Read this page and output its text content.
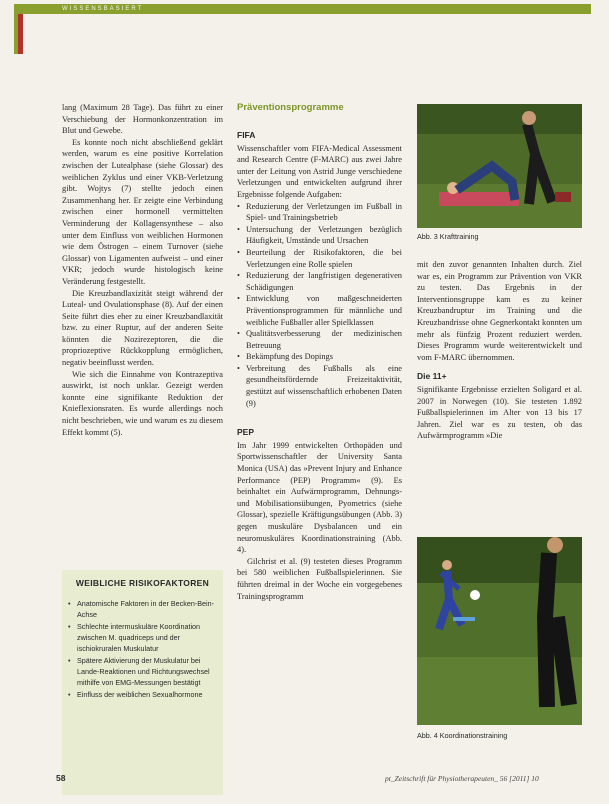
WISSENSBASIERT

lang (Maximum 28 Tage). Das führt zu einer Verschiebung der Hormonkonzentration im Blut und Gewebe.

Es konnte noch nicht abschließend geklärt werden, warum es eine positive Korrelation zwischen der Lutealphase (siehe Glossar) des weiblichen Zyklus und einer VKB-Verletzung gibt. Wojtys (7) stellte jedoch einen Zusammenhang her. Er zeigte eine Verbindung zwischen einer hormonell vermittelten Verminderung der Kollagensynthese – also unter dem Einfluss von weiblichen Hormonen wie dem Östrogen – einem Turnover (siehe Glossar) von Ligamenten aufweist – und einer VKR; jedoch wurde histologisch keine Veränderung festgestellt.

Die Kreuzbandlaxizität steigt während der Luteal- und Ovulationsphase (8). Auf der einen Seite führt dies eher zu einer Kreuzbandlaxität bzw. zu einer Ruptur, auf der anderen Seite könnten die Nozirezeptoren, die die propriozeptive Rückkopplung ermöglichen, negativ beeinflusst werden.

Wie sich die Einnahme von Kontrazeptiva auswirkt, ist noch unklar. Gezeigt werden konnte eine signifikante Reduktion der Knieflexionsraten. Es wurde allerdings noch nicht beschrieben, wie und warum es zu diesem Effekt kommt (5).

WEIBLICHE RISIKOFAKTOREN
• Anatomische Faktoren in der Becken-Bein-Achse
• Schlechte intermuskuläre Koordination zwischen M. quadriceps und der ischiokruralen Muskulatur
• Spätere Aktivierung der Muskulatur bei Lande-Reaktionen und Richtungswechsel mithilfe von EMG-Messungen bestätigt
• Einfluss der weiblichen Sexualhormone
Präventionsprogramme
FIFA

Wissenschaftler vom FIFA-Medical Assessment and Research Centre (F-MARC) aus zwei Jahre unter der Leitung von Astrid Junge verschiedene Verletzungen und entwickelten aufgrund ihrer Ergebnisse folgende Aufgaben:

• Reduzierung der Verletzungen im Fußball in Spiel- und Trainingsbetrieb
• Untersuchung der Verletzungen bezüglich Häufigkeit, Umstände und Ursachen
• Beurteilung der Risikofaktoren, die bei Verletzungen eine Rolle spielen
• Reduzierung der langfristigen degenerativen Schädigungen
• Entwicklung von maßgeschneiderten Präventionsprogrammen für männliche und weibliche Fußballer aller Spielklassen
• Qualitätsverbesserung der medizinischen Betreuung
• Bekämpfung des Dopings
• Verbreitung des Fußballs als eine gesundheitsfördernde Freizeitaktivität, gestützt auf wissenschaftlich erhobenen Daten (9)
PEP

Im Jahr 1999 entwickelten Orthopäden und Sportwissenschaftler der University Santa Monica (USA) das »Prevent Injury and Enhance Performance (PEP) Programm« (9). Es beinhaltet ein Aufwärmprogramm, Dehnungs- und Mobilisationsübungen, Pyometrics (siehe Glossar), spezielle Kräftigungsübungen (Abb. 3) gegen muskuläre Dysbalancen und ein neuromuskuläres Koordinationstraining (Abb. 4).

Gilchrist et al. (9) testeten dieses Programm bei 580 weiblichen Fußballspielerinnen. Sie führten dreimal in der Woche ein vorgegebenes Trainingsprogramm

Abb. 3 Krafttraining

mit den zuvor genannten Inhalten durch. Ziel war es, ein Programm zur Prävention von VKR zu testen. Das Ergebnis in der Interventionsgruppe kam es zu keiner Kreuzbandruptur im Training und die Kreuzbandrisse ohne Gegnerkontakt konnten um mehr als fünfzig Prozent reduziert werden. Dieses Programm wurde weiterentwickelt und vom F-MARC übernommen.

Die 11+

Signifikante Ergebnisse erzielten Soligard et al. 2007 in Norwegen (10). Sie testeten 1.892 Fußballspielerinnen im Alter von 13 bis 17 Jahren. Ziel war es zu testen, ob das Aufwärmprogramm »Die

Abb. 4 Koordinationstraining
58	pt_Zeitschrift für Physiotherapeuten_ 56 [2011] 10
